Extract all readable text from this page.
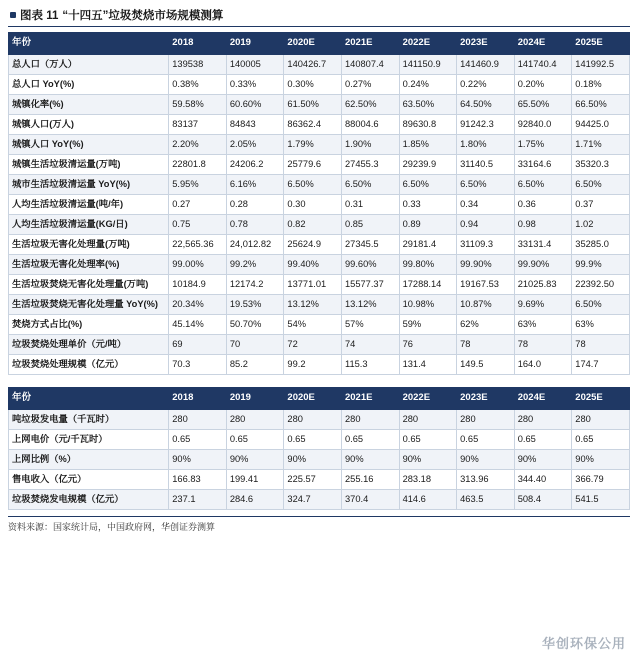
图表 11 “十四五”垃圾焚烧市场规模测算
年份	2018	2019	2020E	2021E	2022E	2023E	2024E	2025E
总人口（万人）	139538	140005	140426.7	140807.4	141150.9	141460.9	141740.4	141992.5
总人口 YoY(%)	0.38%	0.33%	0.30%	0.27%	0.24%	0.22%	0.20%	0.18%
城镇化率(%)	59.58%	60.60%	61.50%	62.50%	63.50%	64.50%	65.50%	66.50%
城镇人口(万人)	83137	84843	86362.4	88004.6	89630.8	91242.3	92840.0	94425.0
城镇人口 YoY(%)	2.20%	2.05%	1.79%	1.90%	1.85%	1.80%	1.75%	1.71%
城镇生活垃圾清运量(万吨)	22801.8	24206.2	25779.6	27455.3	29239.9	31140.5	33164.6	35320.3
城市生活垃圾清运量 YoY(%)	5.95%	6.16%	6.50%	6.50%	6.50%	6.50%	6.50%	6.50%
人均生活垃圾清运量(吨/年)	0.27	0.28	0.30	0.31	0.33	0.34	0.36	0.37
人均生活垃圾清运量(KG/日)	0.75	0.78	0.82	0.85	0.89	0.94	0.98	1.02
生活垃圾无害化处理量(万吨)	22,565.36	24,012.82	25624.9	27345.5	29181.4	31109.3	33131.4	35285.0
生活垃圾无害化处理率(%)	99.00%	99.2%	99.40%	99.60%	99.80%	99.90%	99.90%	99.9%
生活垃圾焚烧无害化处理量(万吨)	10184.9	12174.2	13771.01	15577.37	17288.14	19167.53	21025.83	22392.50
生活垃圾焚烧无害化处理量 YoY(%)	20.34%	19.53%	13.12%	13.12%	10.98%	10.87%	9.69%	6.50%
焚烧方式占比(%)	45.14%	50.70%	54%	57%	59%	62%	63%	63%
垃圾焚烧处理单价（元/吨）	69	70	72	74	76	78	78	78
垃圾焚烧处理规模（亿元）	70.3	85.2	99.2	115.3	131.4	149.5	164.0	174.7
年份	2018	2019	2020E	2021E	2022E	2023E	2024E	2025E
吨垃圾发电量（千瓦时）	280	280	280	280	280	280	280	280
上网电价（元/千瓦时）	0.65	0.65	0.65	0.65	0.65	0.65	0.65	0.65
上网比例（%）	90%	90%	90%	90%	90%	90%	90%	90%
售电收入（亿元）	166.83	199.41	225.57	255.16	283.18	313.96	344.40	366.79
垃圾焚烧发电规模（亿元）	237.1	284.6	324.7	370.4	414.6	463.5	508.4	541.5
资料来源：国家统计局，中国政府网，华创证券测算
华创环保公用
